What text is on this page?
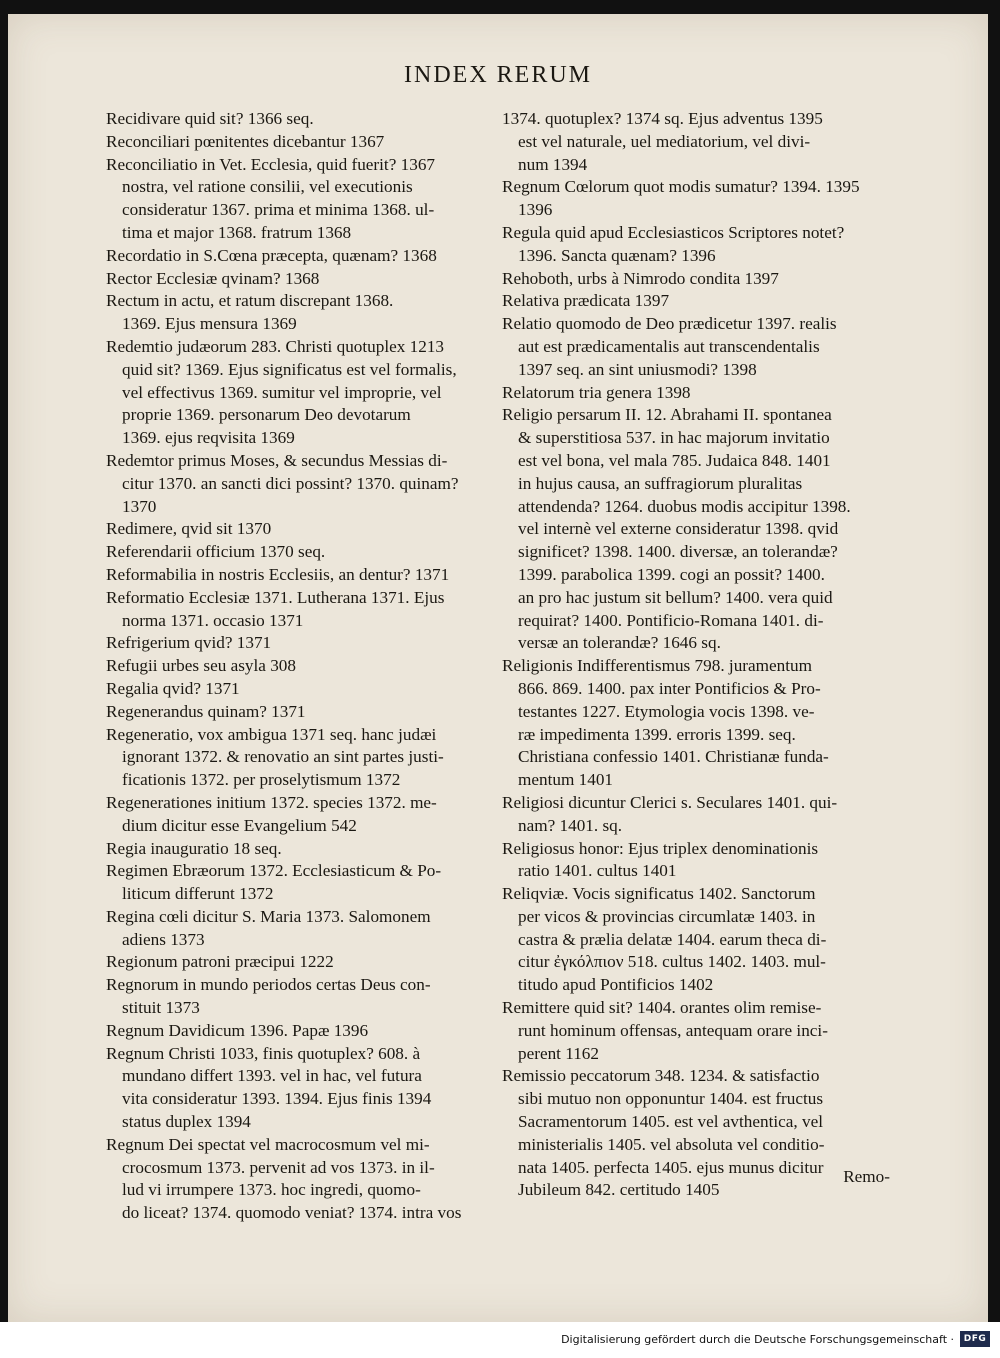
INDEX RERUM
Recidivare quid sit? 1366 seq.
Reconciliari pœnitentes dicebantur 1367
Reconciliatio in Vet. Ecclesia, quid fuerit? 1367
nostra, vel ratione consilii, vel executionis
consideratur 1367. prima et minima 1368. ul-
tima et major 1368. fratrum 1368
Recordatio in S.Cœna præcepta, quænam? 1368
Rector Ecclesiæ qvinam? 1368
Rectum in actu, et ratum discrepant 1368.
1369. Ejus mensura 1369
Redemtio judæorum 283. Christi quotuplex 1213
quid sit? 1369. Ejus significatus est vel formalis,
vel effectivus 1369. sumitur vel improprie, vel
proprie 1369. personarum Deo devotarum
1369. ejus reqvisita 1369
Redemtor primus Moses, & secundus Messias di-
citur 1370. an sancti dici possint? 1370. quinam?
1370
Redimere, qvid sit 1370
Referendarii officium 1370 seq.
Reformabilia in nostris Ecclesiis, an dentur? 1371
Reformatio Ecclesiæ 1371. Lutherana 1371. Ejus
norma 1371. occasio 1371
Refrigerium qvid? 1371
Refugii urbes seu asyla 308
Regalia qvid? 1371
Regenerandus quinam? 1371
Regeneratio, vox ambigua 1371 seq. hanc judæi
ignorant 1372. & renovatio an sint partes justi-
ficationis 1372. per proselytismum 1372
Regenerationes initium 1372. species 1372. me-
dium dicitur esse Evangelium 542
Regia inauguratio 18 seq.
Regimen Ebræorum 1372. Ecclesiasticum & Po-
liticum differunt 1372
Regina cœli dicitur S. Maria 1373. Salomonem
adiens 1373
Regionum patroni præcipui 1222
Regnorum in mundo periodos certas Deus con-
stituit 1373
Regnum Davidicum 1396. Papæ 1396
Regnum Christi 1033, finis quotuplex? 608. à
mundano differt 1393. vel in hac, vel futura
vita consideratur 1393. 1394. Ejus finis 1394
status duplex 1394
Regnum Dei spectat vel macrocosmum vel mi-
crocosmum 1373. pervenit ad vos 1373. in il-
lud vi irrumpere 1373. hoc ingredi, quomo-
do liceat? 1374. quomodo veniat? 1374. intra vos
1374. quotuplex? 1374 sq. Ejus adventus 1395
est vel naturale, uel mediatorium, vel divi-
num 1394
Regnum Cœlorum quot modis sumatur? 1394. 1395
1396
Regula quid apud Ecclesiasticos Scriptores notet?
1396. Sancta quænam? 1396
Rehoboth, urbs à Nimrodo condita 1397
Relativa prædicata 1397
Relatio quomodo de Deo prædicetur 1397. realis
aut est prædicamentalis aut transcendentalis
1397 seq. an sint uniusmodi? 1398
Relatorum tria genera 1398
Religio persarum II. 12. Abrahami II. spontanea
& superstitiosa 537. in hac majorum invitatio
est vel bona, vel mala 785. Judaica 848. 1401
in hujus causa, an suffragiorum pluralitas
attendenda? 1264. duobus modis accipitur 1398.
vel internè vel externe consideratur 1398. qvid
significet? 1398. 1400. diversæ, an tolerandæ?
1399. parabolica 1399. cogi an possit? 1400.
an pro hac justum sit bellum? 1400. vera quid
requirat? 1400. Pontificio-Romana 1401. di-
versæ an tolerandæ? 1646 sq.
Religionis Indifferentismus 798. juramentum
866. 869. 1400. pax inter Pontificios & Pro-
testantes 1227. Etymologia vocis 1398. ve-
ræ impedimenta 1399. erroris 1399. seq.
Christiana confessio 1401. Christianæ funda-
mentum 1401
Religiosi dicuntur Clerici s. Seculares 1401. qui-
nam? 1401. sq.
Religiosus honor: Ejus triplex denominationis
ratio 1401. cultus 1401
Reliqviæ. Vocis significatus 1402. Sanctorum
per vicos & provincias circumlatæ 1403. in
castra & prælia delatæ 1404. earum theca di-
citur ἐγκόλπιον 518. cultus 1402. 1403. mul-
titudo apud Pontificios 1402
Remittere quid sit? 1404. orantes olim remise-
runt hominum offensas, antequam orare inci-
perent 1162
Remissio peccatorum 348. 1234. & satisfactio
sibi mutuo non opponuntur 1404. est fructus
Sacramentorum 1405. est vel avthentica, vel
ministerialis 1405. vel absoluta vel conditio-
nata 1405. perfecta 1405. ejus munus dicitur
Jubileum 842. certitudo 1405
Remo-
Digitalisierung gefördert durch die Deutsche Forschungsgemeinschaft ·	DFG
